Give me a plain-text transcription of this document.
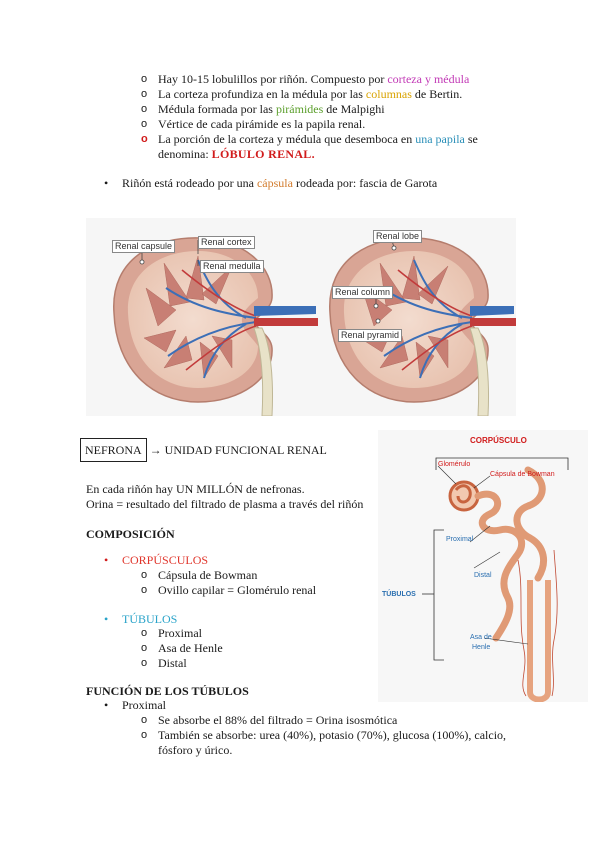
o Hay 10-15 lobulillos por riñón. Compuesto por corteza y médula
o La corteza profundiza en la médula por las columnas de Bertin.
o Médula formada por las pirámides de Malpighi
o Vértice de cada pirámide es la papila renal.
o La porción de la corteza y médula que desemboca en una papila se
denomina: LÓBULO RENAL.
• Riñón está rodeado por una cápsula rodeada por: fascia de Garota
Renal capsule	Renal cortex
Renal medulla
Renal lobe
Renal column
Renal pyramid
NEFRONA → UNIDAD FUNCIONAL RENAL
En cada riñón hay UN MILLÓN de nefronas.
Orina = resultado del filtrado de plasma a través del riñón
COMPOSICIÓN
• CORPÚSCULOS
o Cápsula de Bowman
o Ovillo capilar = Glomérulo renal
• TÚBULOS
o Proximal
o Asa de Henle
o Distal
FUNCIÓN DE LOS TÚBULOS
• Proximal
o Se absorbe el 88% del filtrado = Orina isosmótica
o También se absorbe: urea (40%), potasio (70%), glucosa (100%), calcio,
fósforo y úrico.
CORPÚSCULO
Glomérulo
Cápsula de Bowman
Proximal
Distal
TÚBULOS
Asa de
Henle
